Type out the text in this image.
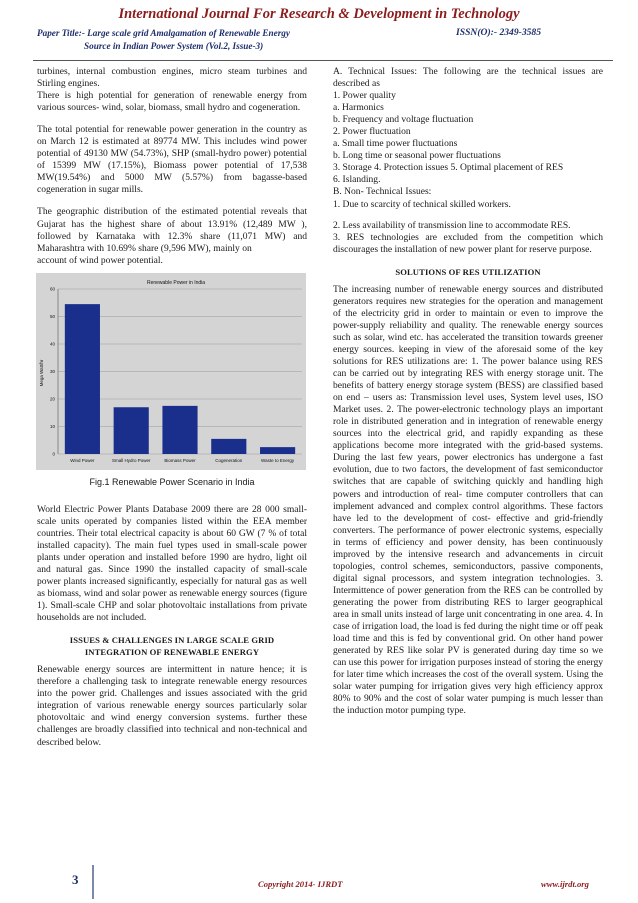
International Journal For Research & Development in Technology
Paper Title:- Large scale grid Amalgamation of Renewable Energy
Source in Indian Power System (Vol.2, Issue-3)
ISSN(O):- 2349-3585

turbines, internal combustion engines, micro steam turbines and Stirling engines.

There is high potential for generation of renewable energy from various sources- wind, solar, biomass, small hydro and cogeneration.

The total potential for renewable power generation in the country as on March 12 is estimated at 89774 MW. This includes wind power potential of 49130 MW (54.73%), SHP (small-hydro power) potential of 15399 MW (17.15%), Biomass power potential of 17,538 MW(19.54%) and 5000 MW (5.57%) from bagasse-based cogeneration in sugar mills.

The geographic distribution of the estimated potential reveals that Gujarat has the highest share of about 13.91% (12,489 MW ), followed by Karnataka with 12.3% share (11,071 MW) and Maharashtra with 10.69% share (9,596 MW), mainly on

account of wind power potential.

Renewable Power in India
0
10
20
30
40
50
60
Wind Power	Small Hydro Power	Biomass Power	Cogeneration	Waste to Energy
Mega Watt/hr
Fig.1 Renewable Power Scenario in India

World Electric Power Plants Database 2009 there are 28 000 small-scale units operated by companies listed within the EEA member countries. Their total electrical capacity is about 60 GW (7 % of total installed capacity). The main fuel types used in small-scale power plants under operation and installed before 1990 are hydro, light oil and natural gas. Since 1990 the installed capacity of small-scale power plants increased significantly, especially for natural gas as well as biomass, wind and solar power as renewable energy sources (figure 1). Small-scale CHP and solar photovoltaic installations from private households are not included.

ISSUES & CHALLENGES IN LARGE SCALE GRID
INTEGRATION OF RENEWABLE ENERGY

Renewable energy sources are intermittent in nature hence; it is therefore a challenging task to integrate renewable energy resources into the power grid. Challenges and issues associated with the grid integration of various renewable energy sources particularly solar photovoltaic and wind energy conversion systems. further these challenges are broadly classified into technical and non-technical and described below.

A. Technical Issues: The following are the technical issues are described as

1. Power quality
a. Harmonics
b. Frequency and voltage fluctuation
2. Power fluctuation
a. Small time power fluctuations
b. Long time or seasonal power fluctuations
3. Storage 4. Protection issues 5. Optimal placement of RES
6. Islanding.
B. Non- Technical Issues:
1. Due to scarcity of technical skilled workers.

2. Less availability of transmission line to accommodate RES.

3. RES technologies are excluded from the competition which discourages the installation of new power plant for reserve purpose.

SOLUTIONS OF RES UTILIZATION

The increasing number of renewable energy sources and distributed generators requires new strategies for the operation and management of the electricity grid in order to maintain or even to improve the power-supply reliability and quality. The renewable energy sources such as solar, wind etc. has accelerated the transition towards greener energy sources. keeping in view of the aforesaid some of the key solutions for RES utilizations are: 1. The power balance using RES can be carried out by integrating RES with energy storage unit. The benefits of battery energy storage system (BESS) are classified based on end – users as: Transmission level uses, System level uses, ISO Market uses. 2. The power-electronic technology plays an important role in distributed generation and in integration of renewable energy sources into the electrical grid, and rapidly expanding as these applications become more integrated with the grid-based systems. During the last few years, power electronics has undergone a fast evolution, due to two factors, the development of fast semiconductor switches that are capable of switching quickly and handling high powers and introduction of real- time computer controllers that can implement advanced and complex control algorithms. These factors have led to the development of cost- effective and grid-friendly converters. The performance of power electronic systems, especially in terms of efficiency and power density, has been continuously improved by the intensive research and advancements in circuit topologies, control schemes, semiconductors, passive components, digital signal processors, and system integration technologies. 3. Intermittence of power generation from the RES can be controlled by generating the power from distributing RES to larger geographical area in small units instead of large unit concentrating in one area. 4. In case of irrigation load, the load is fed during the night time or off peak load time and this is fed by conventional grid. On other hand power generated by RES like solar PV is generated during day time so we can use this power for irrigation purposes instead of storing the energy for later time which increases the cost of the overall system. Using the solar water pumping for irrigation gives very high efficiency approx 80% to 90% and the cost of solar water pumping is much lesser than the induction motor pumping type.

3	Copyright 2014- IJRDT	www.ijrdt.org
